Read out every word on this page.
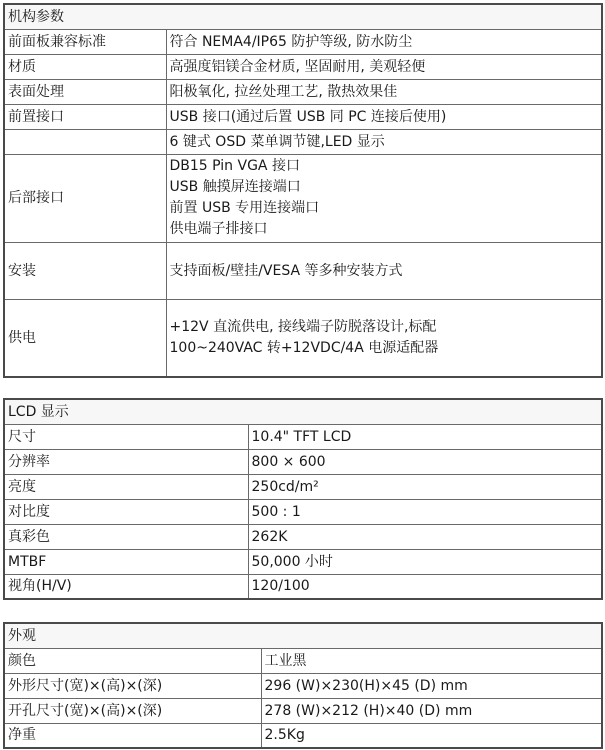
机构参数	
前面板兼容标准	符合 NEMA4/IP65 防护等级, 防水防尘
材质	高强度铝镁合金材质, 坚固耐用, 美观轻便
表面处理	阳极氧化, 拉丝处理工艺, 散热效果佳
前置接口	USB 接口(通过后置 USB 同 PC 连接后使用)
	6 键式 OSD 菜单调节键,LED 显示
后部接口	DB15 Pin VGA 接口
USB 触摸屏连接端口
前置 USB 专用连接端口
供电端子排接口

安装	支持面板/壁挂/VESA 等多种安装方式
供电	+12V 直流供电, 接线端子防脱落设计,标配
100~240VAC 转+12VDC/4A 电源适配器
LCD 显示	
尺寸	10.4" TFT LCD
分辨率	800 × 600
亮度	250cd/m²
对比度	500 : 1
真彩色	262K
MTBF	50,000 小时
视角(H/V)	120/100
外观	
颜色	工业黑
外形尺寸(宽)×(高)×(深)	296 (W)×230(H)×45 (D) mm
开孔尺寸(宽)×(高)×(深)	278 (W)×212 (H)×40 (D) mm
净重	2.5Kg
